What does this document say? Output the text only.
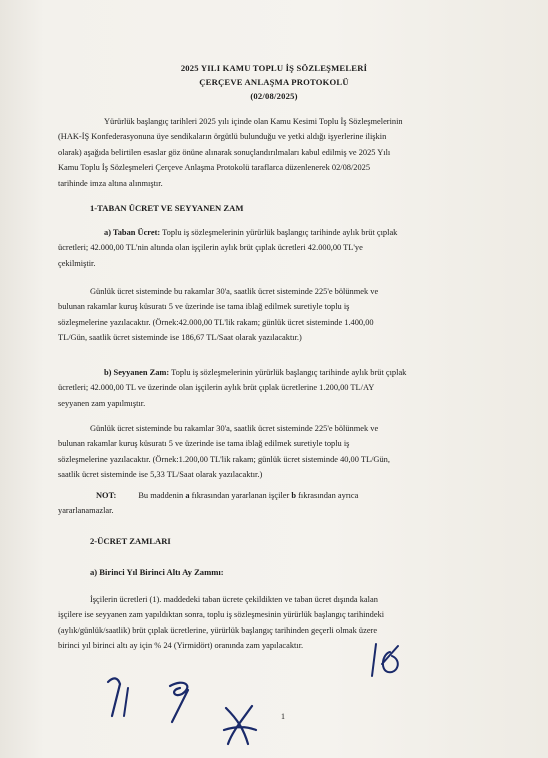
2025 YILI KAMU TOPLU İŞ SÖZLEŞMELERİ
ÇERÇEVE ANLAŞMA PROTOKOLÜ
(02/08/2025)
Yürürlük başlangıç tarihleri 2025 yılı içinde olan Kamu Kesimi Toplu İş Sözleşmelerinin
(HAK-İŞ Konfederasyonuna üye sendikaların örgütlü bulunduğu ve yetki aldığı işyerlerine ilişkin
olarak) aşağıda belirtilen esaslar göz önüne alınarak sonuçlandırılmaları kabul edilmiş ve 2025 Yılı
Kamu Toplu İş Sözleşmeleri Çerçeve Anlaşma Protokolü taraflarca düzenlenerek 02/08/2025
tarihinde imza altına alınmıştır.
1-TABAN ÜCRET VE SEYYANEN ZAM
a) Taban Ücret: Toplu iş sözleşmelerinin yürürlük başlangıç tarihinde aylık brüt çıplak
ücretleri; 42.000,00 TL'nin altında olan işçilerin aylık brüt çıplak ücretleri 42.000,00 TL'ye
çekilmiştir.
Günlük ücret sisteminde bu rakamlar 30'a, saatlik ücret sisteminde 225'e bölünmek ve
bulunan rakamlar kuruş küsuratı 5 ve üzerinde ise tama iblağ edilmek suretiyle toplu iş
sözleşmelerine yazılacaktır. (Örnek:42.000,00 TL'lik rakam; günlük ücret sisteminde 1.400,00
TL/Gün, saatlik ücret sisteminde ise 186,67 TL/Saat olarak yazılacaktır.)
b) Seyyanen Zam: Toplu iş sözleşmelerinin yürürlük başlangıç tarihinde aylık brüt çıplak
ücretleri; 42.000,00 TL ve üzerinde olan işçilerin aylık brüt çıplak ücretlerine 1.200,00 TL/AY
seyyanen zam yapılmıştır.
Günlük ücret sisteminde bu rakamlar 30'a, saatlik ücret sisteminde 225'e bölünmek ve
bulunan rakamlar kuruş küsuratı 5 ve üzerinde ise tama iblağ edilmek suretiyle toplu iş
sözleşmelerine yazılacaktır. (Örnek:1.200,00 TL'lik rakam; günlük ücret sisteminde 40,00 TL/Gün,
saatlik ücret sisteminde ise 5,33 TL/Saat olarak yazılacaktır.)
NOT:	Bu maddenin a fıkrasından yararlanan işçiler b fıkrasından ayrıca
yararlanamazlar.
2-ÜCRET ZAMLARI
a) Birinci Yıl Birinci Altı Ay Zammı:
İşçilerin ücretleri (1). maddedeki taban ücrete çekildikten ve taban ücret dışında kalan
işçilere ise seyyanen zam yapıldıktan sonra, toplu iş sözleşmesinin yürürlük başlangıç tarihindeki
(aylık/günlük/saatlik) brüt çıplak ücretlerine, yürürlük başlangıç tarihinden geçerli olmak üzere
birinci yıl birinci altı ay için % 24 (Yirmidört) oranında zam yapılacaktır.
1
